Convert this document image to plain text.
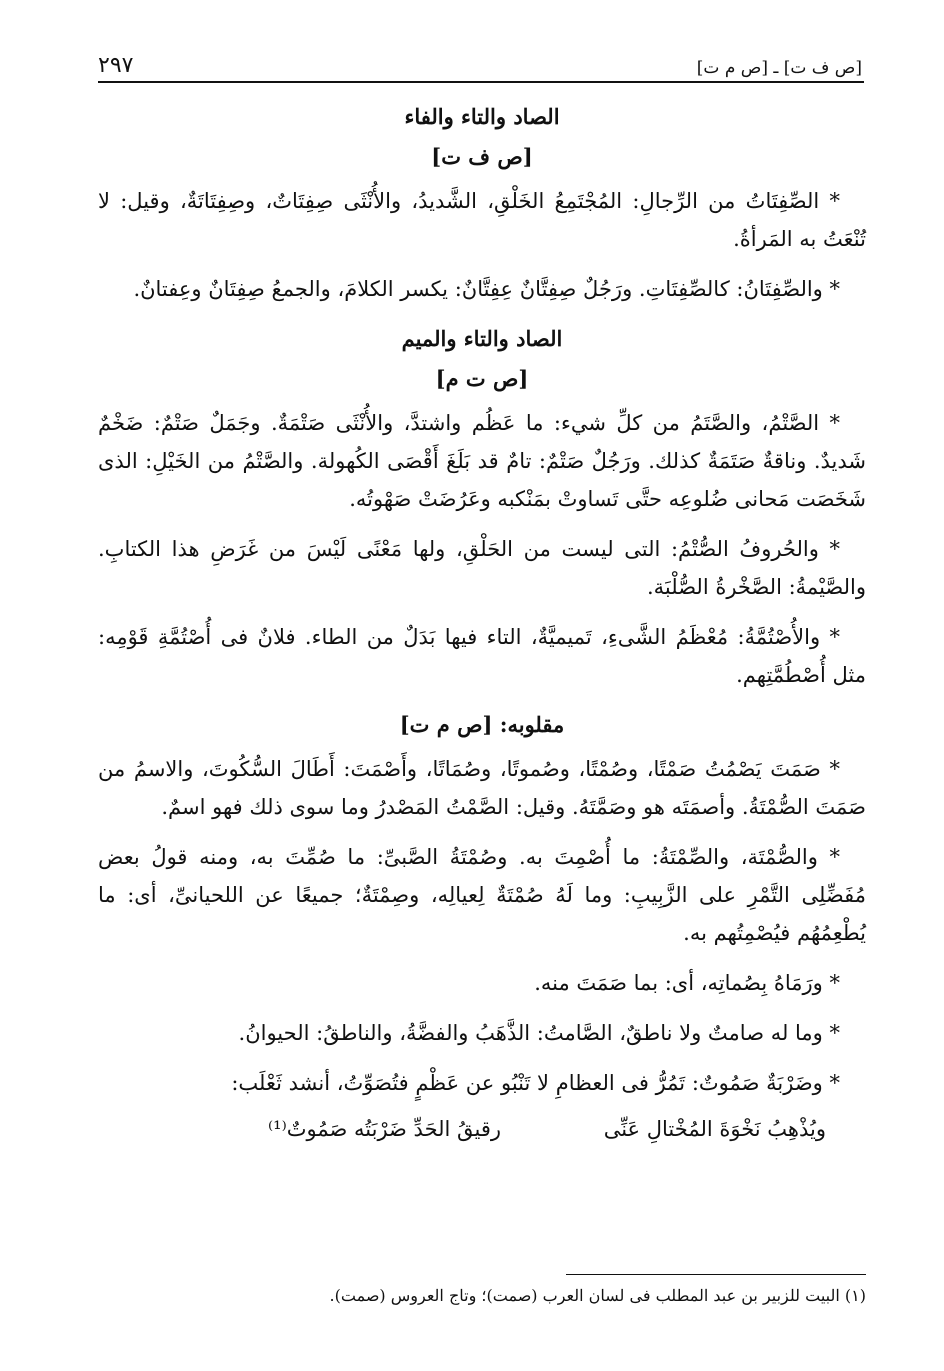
[ص ف ت] ـ [ص م ت]
٢٩٧
الصاد والتاء والفاء
[ص ف ت]

* الصِّفِتَاتُ من الرِّجالِ: المُجْتَمِعُ الخَلْقِ، الشَّديدُ، والأُنْثَى صِفِتَاتٌ، وصِفِتَاتَةٌ، وقيل: لا تُنْعَتُ به المَرأةُ.

* والصِّفِتَانُ: كالصِّفِتَاتِ. ورَجُلٌ صِفِتَّانٌ عِفِتَّانٌ: يكسر الكلامَ، والجمعُ صِفِتَانٌ وعِفتانٌ.

الصاد والتاء والميم
[ص ت م]

* الصَّتْمُ، والصَّتَمُ من كلِّ شيء: ما عَظُم واشتدَّ، والأُنْثَى صَتْمَةٌ. وجَمَلٌ صَتْمٌ: ضَخْمٌ شَديدٌ. وناقةٌ صَتَمَةٌ كذلك. ورَجُلٌ صَتْمٌ: تامٌ قد بَلَغَ أَقْصَى الكُهولة. والصَّتْمُ من الخَيْلِ: الذى شَخَصَت مَحانى ضُلوعِه حتَّى تَساوتْ بمَنْكبه وعَرُضَتْ صَهْوتُه.

* والحُروفُ الصُّتْمُ: التى ليست من الحَلْقِ، ولها مَعْنًى لَيْسَ من غَرَضِ هذا الكتابِ. والصَّيْمةُ: الصَّخْرةُ الصُّلْبَة.

* والأُصْتُمَّةُ: مُعْظَمُ الشَّىءِ، تَميميَّةٌ، التاء فيها بَدَلٌ من الطاء. فلانٌ فى أُصْتُمَّةِ قَوْمِه: مثل أُصْطُمَّتِهم.

مقلوبه: [ص م ت]

* صَمَتَ يَصْمُتُ صَمْتًا، وصُمْتًا، وصُموتًا، وصُمَاتًا، وأَصْمَتَ: أَطَالَ السُّكُوتَ، والاسمُ من صَمَتَ الصُّمْتَةُ. وأصمَتَه هو وصَمَّتَهُ. وقيل: الصَّمْتُ المَصْدرُ وما سوى ذلك فهو اسمٌ.

* والصُّمْتَة، والصِّمْتَةُ: ما أُصْمِتَ به. وصُمْتَةُ الصَّبىِّ: ما صُمِّتَ به، ومنه قولُ بعض مُفَضِّلِى التَّمْرِ على الزَّبِيبِ: وما لَهُ صُمْتَةٌ لِعيالِه، وصِمْتَةٌ؛ جميعًا عن اللحيانىِّ، أى: ما يُطْعِمُهُم فيُصْمِتُهم به.

* ورَمَاهُ بِصُماتِه، أى: بما صَمَتَ منه.

* وما له صامتٌ ولا ناطقٌ، الصَّامتُ: الذَّهَبُ والفضَّةُ، والناطقُ: الحيوانُ.

* وضَرْبَةٌ صَمُوتٌ: تَمُرُّ فى العظامِ لا تَنْبُو عن عَظْمٍ فتُصَوِّتُ، أنشد ثَعْلَب:

ويُذْهِبُ نَخْوَةَ المُخْتالِ عَنِّى
رقيقُ الحَدِّ ضَرْبَتُه صَمُوتٌ⁽¹⁾
(١) البيت للزبير بن عبد المطلب فى لسان العرب (صمت)؛ وتاج العروس (صمت).
